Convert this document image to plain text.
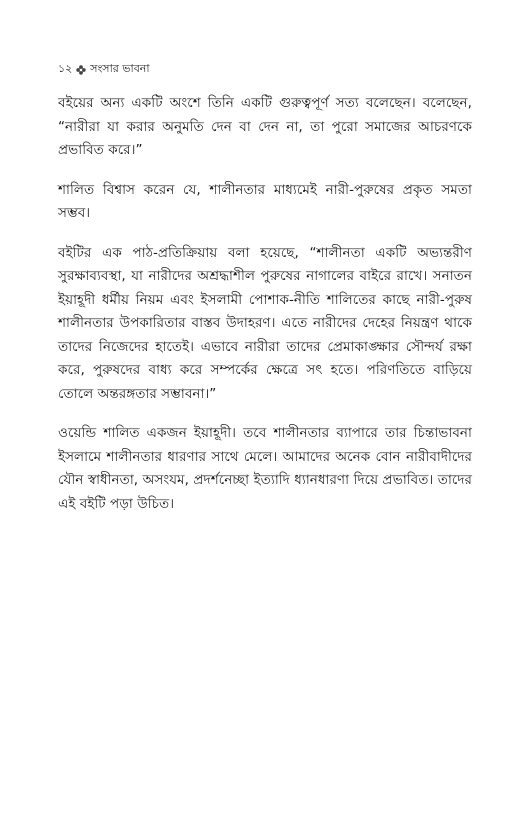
১২ সংসার ভাবনা

বইয়ের অন্য একটি অংশে তিনি একটি গুরুত্বপূর্ণ সত্য বলেছেন। বলেছেন, “নারীরা যা করার অনুমতি দেন বা দেন না, তা পুরো সমাজের আচরণকে প্রভাবিত করে।”

শালিত বিশ্বাস করেন যে, শালীনতার মাধ্যমেই নারী-পুরুষের প্রকৃত সমতা সম্ভব।

বইটির এক পাঠ-প্রতিক্রিয়ায় বলা হয়েছে, “শালীনতা একটি অভ্যন্তরীণ সুরক্ষাব্যবস্থা, যা নারীদের অশ্রদ্ধাশীল পুরুষের নাগালের বাইরে রাখে। সনাতন ইয়াহূদী ধর্মীয় নিয়ম এবং ইসলামী পোশাক-নীতি শালিতের কাছে নারী-পুরুষ শালীনতার উপকারিতার বাস্তব উদাহরণ। এতে নারীদের দেহের নিয়ন্ত্রণ থাকে তাদের নিজেদের হাতেই। এভাবে নারীরা তাদের প্রেমাকাঙ্ক্ষার সৌন্দর্য রক্ষা করে, পুরুষদের বাধ্য করে সম্পর্কের ক্ষেত্রে সৎ হতে। পরিণতিতে বাড়িয়ে তোলে অন্তরঙ্গতার সম্ভাবনা।”

ওয়েন্ডি শালিত একজন ইয়াহূদী। তবে শালীনতার ব্যাপারে তার চিন্তাভাবনা ইসলামে শালীনতার ধারণার সাথে মেলে। আমাদের অনেক বোন নারীবাদীদের যৌন স্বাধীনতা, অসংযম, প্রদর্শনেচ্ছা ইত্যাদি ধ্যানধারণা দিয়ে প্রভাবিত। তাদের এই বইটি পড়া উচিত।
